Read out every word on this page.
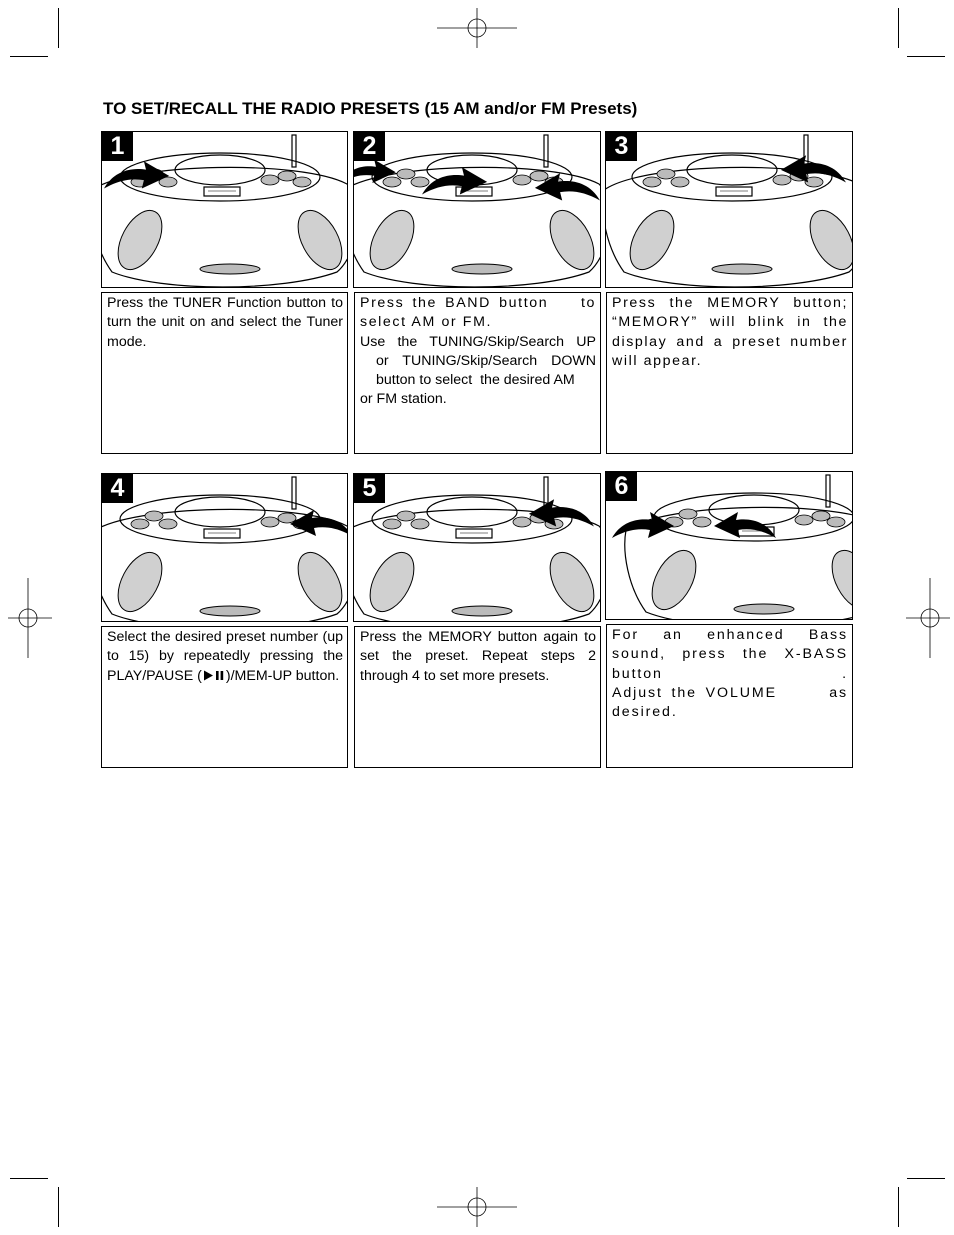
TO SET/RECALL THE RADIO PRESETS (15 AM and/or FM Presets)
1	2	3
4	5	6

Press the TUNER Function button to turn the unit on and select the Tuner mode.

Press the BAND button    to select AM or FM.

Use the TUNING/Skip/Search UP

or TUNING/Skip/Search DOWN

button to select  the desired AM

or FM station.

Press the MEMORY button; “MEMORY” will blink in the display and a preset number will appear.

Select the desired preset number (up to 15) by repeatedly pressing the PLAY/PAUSE ( )/MEM-UP button.

Press the MEMORY button again to set the preset. Repeat steps 2 through 4 to set more presets.

For an enhanced Bass sound, press the X-BASS button   .

Adjust the VOLUME      as desired.
